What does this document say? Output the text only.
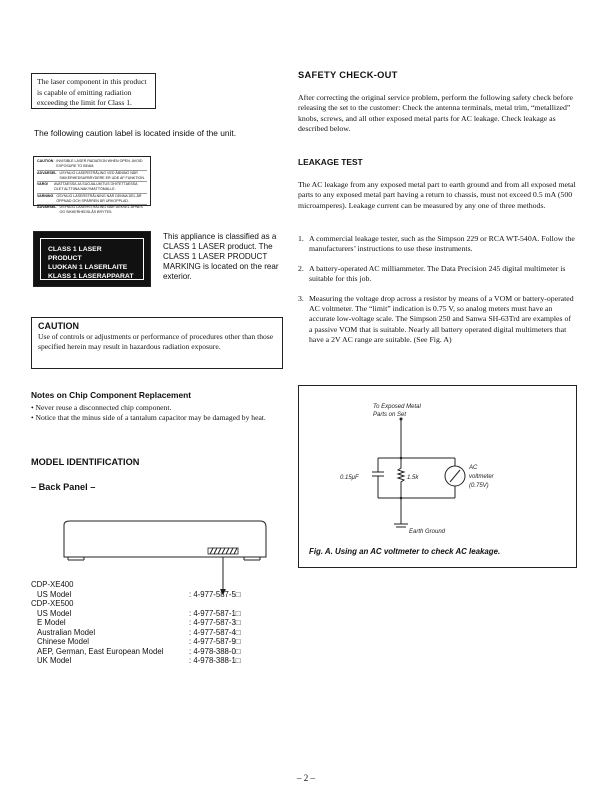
The laser component in this product is capable of emitting radiation exceeding the limit for Class 1.
The following caution label is located inside of the unit.
CAUTION INVISIBLE LASER RADIATION WHEN OPEN. AVOID EXPOSURE TO BEAM.
ADVARSEL USYNLIG LASERSTRÅLING VED ÅBNING NÅR SIKKERHEDSAFBRYDERE ER UDE AF FUNKTION.
VARO!	AVATTAESSA JA SUOJALUKITUS OHITETTAESSA OLET ALTTIINA NÄKYMÄTTÖMÄLLE.
VARNING OSYNLIG LASERSTRÅLNING NÄR DENNA DEL ÄR ÖPPNAD OCH SPÄRREN ÄR URKOPPLAD.
ADVARSEL USYNLIG LASERSTRÅLING NÅR DEKSEL ÅPNES OG SIKKERHEDSLÅS BRYTES.
CLASS 1 LASER PRODUCT
LUOKAN 1 LASERLAITE
KLASS 1 LASERAPPARAT
This appliance is classified as a CLASS 1 LASER product. The CLASS 1 LASER PRODUCT MARKING is located on the rear exterior.
CAUTION
Use of controls or adjustments or performance of procedures other than those specified herein may result in hazardous radiation exposure.
Notes on Chip Component Replacement
• Never reuse a disconnected chip component.
• Notice that the minus side of a tantalum capacitor may be damaged by heat.
MODEL IDENTIFICATION
– Back Panel –
CDP-XE400
US Model	: 4-977-587-5□
CDP-XE500
US Model	: 4-977-587-1□
E Model	: 4-977-587-3□
Australian Model	: 4-977-587-4□
Chinese Model	: 4-977-587-9□
AEP, German, East European Model	: 4-978-388-0□
UK Model	: 4-978-388-1□
SAFETY CHECK-OUT
After correcting the original service problem, perform the following safety check before releasing the set to the customer: Check the antenna terminals, metal trim, “metallized” knobs, screws, and all other exposed metal parts for AC leakage. Check leakage as described below.
LEAKAGE TEST
The AC leakage from any exposed metal part to earth ground and from all exposed metal parts to any exposed metal part having a return to chassis, must not exceed 0.5 mA (500 microamperes). Leakage current can be measured by any one of three methods.
1. A commercial leakage tester, such as the Simpson 229 or RCA WT-540A. Follow the manufacturers’ instructions to use these instruments.
2. A battery-operated AC milliammeter. The Data Precision 245 digital multimeter is suitable for this job.
3. Measuring the voltage drop across a resistor by means of a VOM or battery-operated AC voltmeter. The “limit” indication is 0.75 V, so analog meters must have an accurate low-voltage scale. The Simpson 250 and Sanwa SH-63Trd are examples of a passive VOM that is suitable. Nearly all battery operated digital multimeters that have a 2V AC range are suitable. (See Fig. A)
To Exposed Metal
Parts on Set
0.15μF	1.5k
AC
voltmeter
(0.75V)
Earth Ground
Fig. A. Using an AC voltmeter to check AC leakage.
– 2 –
